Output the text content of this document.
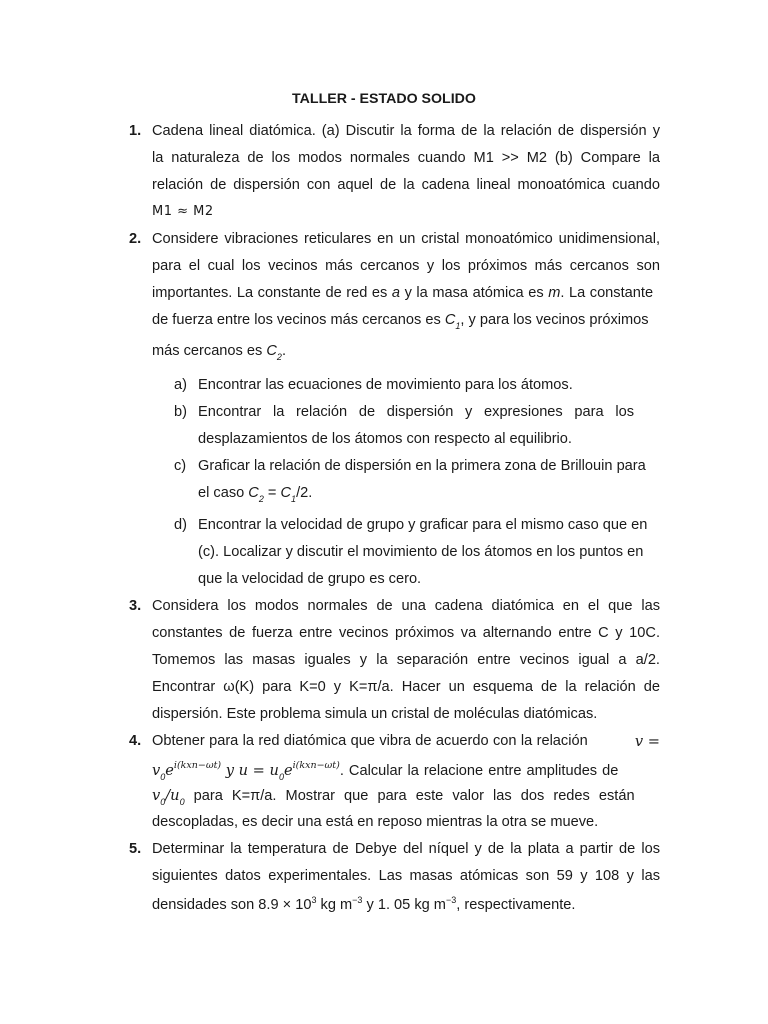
TALLER - ESTADO SOLIDO
1. Cadena lineal diatómica. (a) Discutir la forma de la relación de dispersión y
la naturaleza de los modos normales cuando M1 >> M2 (b) Compare la
relación de dispersión con aquel de la cadena lineal monoatómica cuando
M1 ≈ M2
2. Considere vibraciones reticulares en un cristal monoatómico unidimensional,
para el cual los vecinos más cercanos y los próximos más cercanos son
importantes. La constante de red es a y la masa atómica es m. La constante
de fuerza entre los vecinos más cercanos es $C_1$, y para los vecinos próximos
más cercanos es $C_2$.
a) Encontrar las ecuaciones de movimiento para los átomos.
b) Encontrar la relación de dispersión y expresiones para los
desplazamientos de los átomos con respecto al equilibrio.
c) Graficar la relación de dispersión en la primera zona de Brillouin para
el caso $C_2 = C_1/2$.
d) Encontrar la velocidad de grupo y graficar para el mismo caso que en
(c). Localizar y discutir el movimiento de los átomos en los puntos en
que la velocidad de grupo es cero.
3. Considera los modos normales de una cadena diatómica en el que las
constantes de fuerza entre vecinos próximos va alternando entre C y 10C.
Tomemos las masas iguales y la separación entre vecinos igual a a/2.
Encontrar ω(K) para K=0 y K=π/a. Hacer un esquema de la relación de
dispersión. Este problema simula un cristal de moléculas diatómicas.
4. Obtener para la red diatómica que vibra de acuerdo con la relación	v =
$v_0e^{i(kxn-\omega t)}$ y $u = u_0e^{i(kxn-\omega t)}$. Calcular la relacione entre amplitudes de
$v_0/u_0$ para K=π/a. Mostrar que para este valor las dos redes están
descopladas, es decir una está en reposo mientras la otra se mueve.
5. Determinar la temperatura de Debye del níquel y de la plata a partir de los
siguientes datos experimentales. Las masas atómicas son 59 y 108 y las
densidades son $8.9 \times 10^3$ kg $m^{-3}$ y 1. 05 kg $m^{-3}$, respectivamente.
